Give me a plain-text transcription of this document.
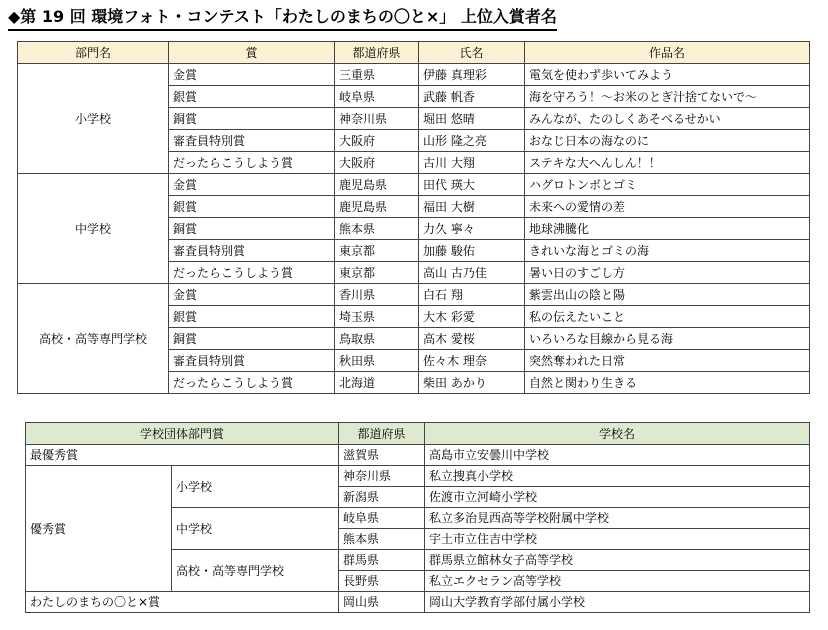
◆第 19 回 環境フォト・コンテスト「わたしのまちの〇と×」 上位入賞者名
部門名	賞	都道府県	氏名	作品名
小学校	金賞	三重県	伊藤 真理彩	電気を使わず歩いてみよう
	銀賞	岐阜県	武藤 帆香	海を守ろう！～お米のとぎ汁捨てないで～
	銅賞	神奈川県	堀田 悠晴	みんなが、たのしくあそべるせかい
	審査員特別賞	大阪府	山形 隆之亮	おなじ日本の海なのに
	だったらこうしよう賞	大阪府	古川 大翔	ステキな大へんしん！！
中学校	金賞	鹿児島県	田代 瑛大	ハグロトンボとゴミ
	銀賞	鹿児島県	福田 大樹	未来への愛情の差
	銅賞	熊本県	力久 寧々	地球沸騰化
	審査員特別賞	東京都	加藤 駿佑	きれいな海とゴミの海
	だったらこうしよう賞	東京都	高山 古乃佳	暑い日のすごし方
高校・高等専門学校	金賞	香川県	白石 翔	紫雲出山の陰と陽
	銀賞	埼玉県	大木 彩愛	私の伝えたいこと
	銅賞	鳥取県	高木 愛桜	いろいろな目線から見る海
	審査員特別賞	秋田県	佐々木 理奈	突然奪われた日常
	だったらこうしよう賞	北海道	柴田 あかり	自然と関わり生きる
学校団体部門賞		都道府県	学校名
最優秀賞		滋賀県	高島市立安曇川中学校
優秀賞	小学校	神奈川県	私立捜真小学校
		新潟県	佐渡市立河崎小学校
	中学校	岐阜県	私立多治見西高等学校附属中学校
		熊本県	宇土市立住吉中学校
	高校・高等専門学校	群馬県	群馬県立館林女子高等学校
		長野県	私立エクセラン高等学校
わたしのまちの〇と×賞		岡山県	岡山大学教育学部付属小学校
